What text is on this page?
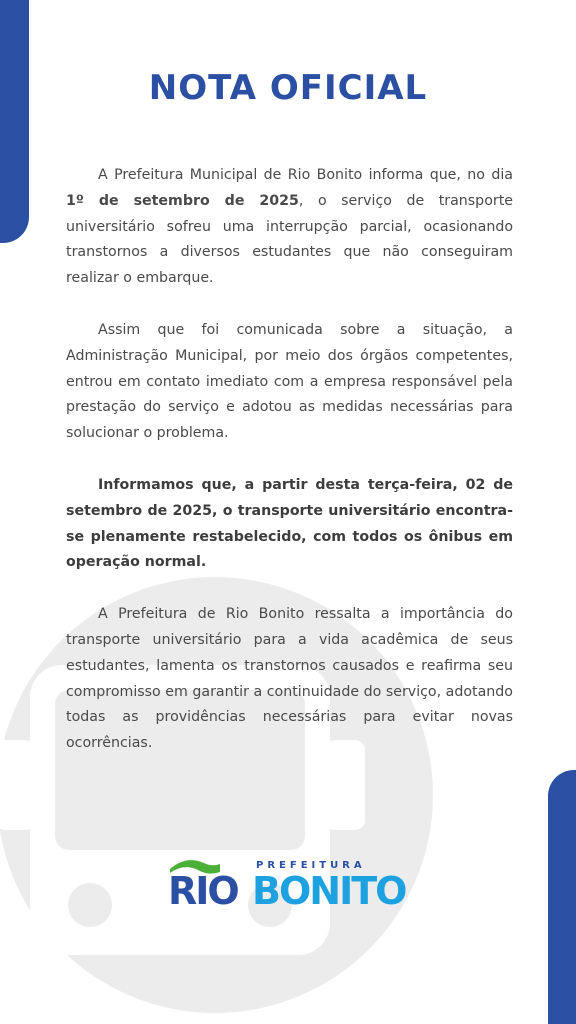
NOTA OFICIAL

A Prefeitura Municipal de Rio Bonito informa que, no dia 1º de setembro de 2025, o serviço de transporte universitário sofreu uma interrupção parcial, ocasionando transtornos a diversos estudantes que não conseguiram realizar o embarque.

Assim que foi comunicada sobre a situação, a Administração Municipal, por meio dos órgãos competentes, entrou em contato imediato com a empresa responsável pela prestação do serviço e adotou as medidas necessárias para solucionar o problema.

Informamos que, a partir desta terça-feira, 02 de setembro de 2025, o transporte universitário encontra-se plenamente restabelecido, com todos os ônibus em operação normal.

A Prefeitura de Rio Bonito ressalta a importância do transporte universitário para a vida acadêmica de seus estudantes, lamenta os transtornos causados e reafirma seu compromisso em garantir a continuidade do serviço, adotando todas as providências necessárias para evitar novas ocorrências.

PREFEITURA
RIO BONITO
